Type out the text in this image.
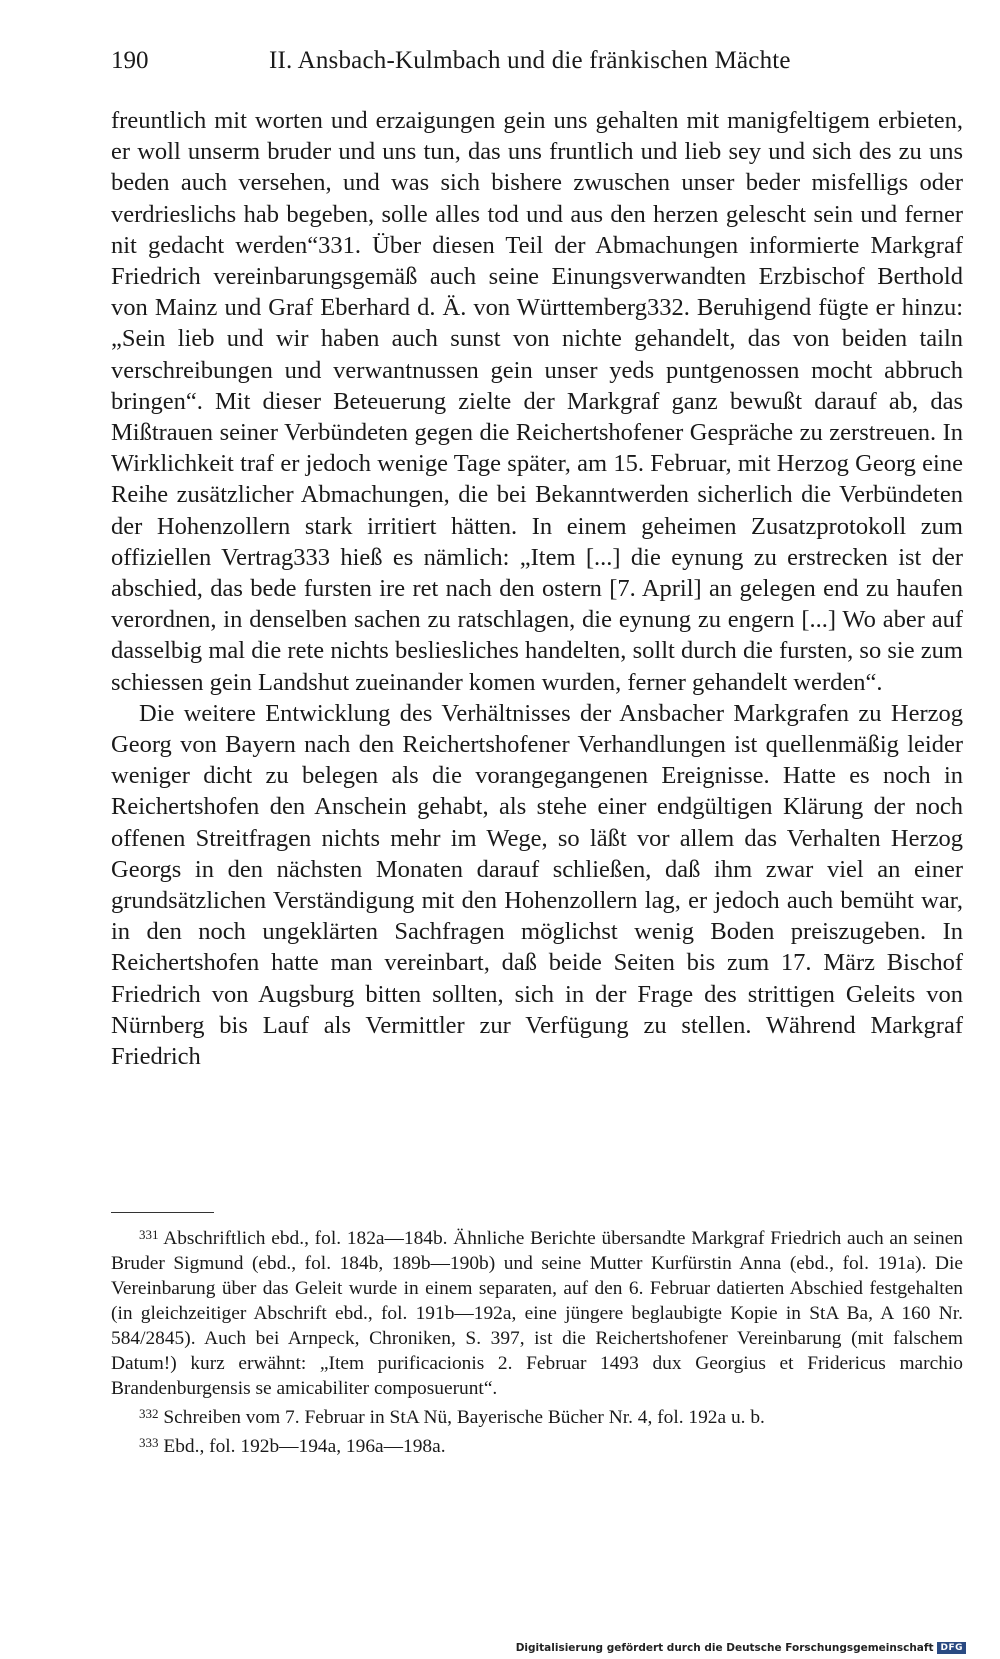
190	II. Ansbach-Kulmbach und die fränkischen Mächte

freuntlich mit worten und erzaigungen gein uns gehalten mit manigfeltigem erbieten, er woll unserm bruder und uns tun, das uns fruntlich und lieb sey und sich des zu uns beden auch versehen, und was sich bishere zwuschen unser beder misfelligs oder verdrieslichs hab begeben, solle alles tod und aus den herzen gelescht sein und ferner nit gedacht werden“331. Über diesen Teil der Abmachungen informierte Markgraf Friedrich vereinbarungsgemäß auch seine Einungsverwandten Erzbischof Berthold von Mainz und Graf Eberhard d. Ä. von Württemberg332. Beruhigend fügte er hinzu: „Sein lieb und wir haben auch sunst von nichte gehandelt, das von beiden tailn verschreibungen und verwantnussen gein unser yeds puntgenossen mocht abbruch bringen“. Mit dieser Beteuerung zielte der Markgraf ganz bewußt darauf ab, das Mißtrauen seiner Verbündeten gegen die Reichertshofener Gespräche zu zerstreuen. In Wirklichkeit traf er jedoch wenige Tage später, am 15. Februar, mit Herzog Georg eine Reihe zusätzlicher Abmachungen, die bei Bekanntwerden sicherlich die Verbündeten der Hohenzollern stark irritiert hätten. In einem geheimen Zusatzprotokoll zum offiziellen Vertrag333 hieß es nämlich: „Item [...] die eynung zu erstrecken ist der abschied, das bede fursten ire ret nach den ostern [7. April] an gelegen end zu haufen verordnen, in denselben sachen zu ratschlagen, die eynung zu engern [...] Wo aber auf dasselbig mal die rete nichts besliesliches handelten, sollt durch die fursten, so sie zum schiessen gein Landshut zueinander komen wurden, ferner gehandelt werden“.

Die weitere Entwicklung des Verhältnisses der Ansbacher Markgrafen zu Herzog Georg von Bayern nach den Reichertshofener Verhandlungen ist quellenmäßig leider weniger dicht zu belegen als die vorangegangenen Ereignisse. Hatte es noch in Reichertshofen den Anschein gehabt, als stehe einer endgültigen Klärung der noch offenen Streitfragen nichts mehr im Wege, so läßt vor allem das Verhalten Herzog Georgs in den nächsten Monaten darauf schließen, daß ihm zwar viel an einer grundsätzlichen Verständigung mit den Hohenzollern lag, er jedoch auch bemüht war, in den noch ungeklärten Sachfragen möglichst wenig Boden preiszugeben. In Reichertshofen hatte man vereinbart, daß beide Seiten bis zum 17. März Bischof Friedrich von Augsburg bitten sollten, sich in der Frage des strittigen Geleits von Nürnberg bis Lauf als Vermittler zur Verfügung zu stellen. Während Markgraf Friedrich

$^{331}$ Abschriftlich ebd., fol. 182a—184b. Ähnliche Berichte übersandte Markgraf Friedrich auch an seinen Bruder Sigmund (ebd., fol. 184b, 189b—190b) und seine Mutter Kurfürstin Anna (ebd., fol. 191a). Die Vereinbarung über das Geleit wurde in einem separaten, auf den 6. Februar datierten Abschied festgehalten (in gleichzeitiger Abschrift ebd., fol. 191b—192a, eine jüngere beglaubigte Kopie in StA Ba, A 160 Nr. 584/2845). Auch bei Arnpeck, Chroniken, S. 397, ist die Reichertshofener Vereinbarung (mit falschem Datum!) kurz erwähnt: „Item purificacionis 2. Februar 1493 dux Georgius et Fridericus marchio Brandenburgensis se amicabiliter composuerunt“.

$^{332}$ Schreiben vom 7. Februar in StA Nü, Bayerische Bücher Nr. 4, fol. 192a u. b.

$^{333}$ Ebd., fol. 192b—194a, 196a—198a.

Digitalisierung gefördert durch die Deutsche Forschungsgemeinschaft DFG
